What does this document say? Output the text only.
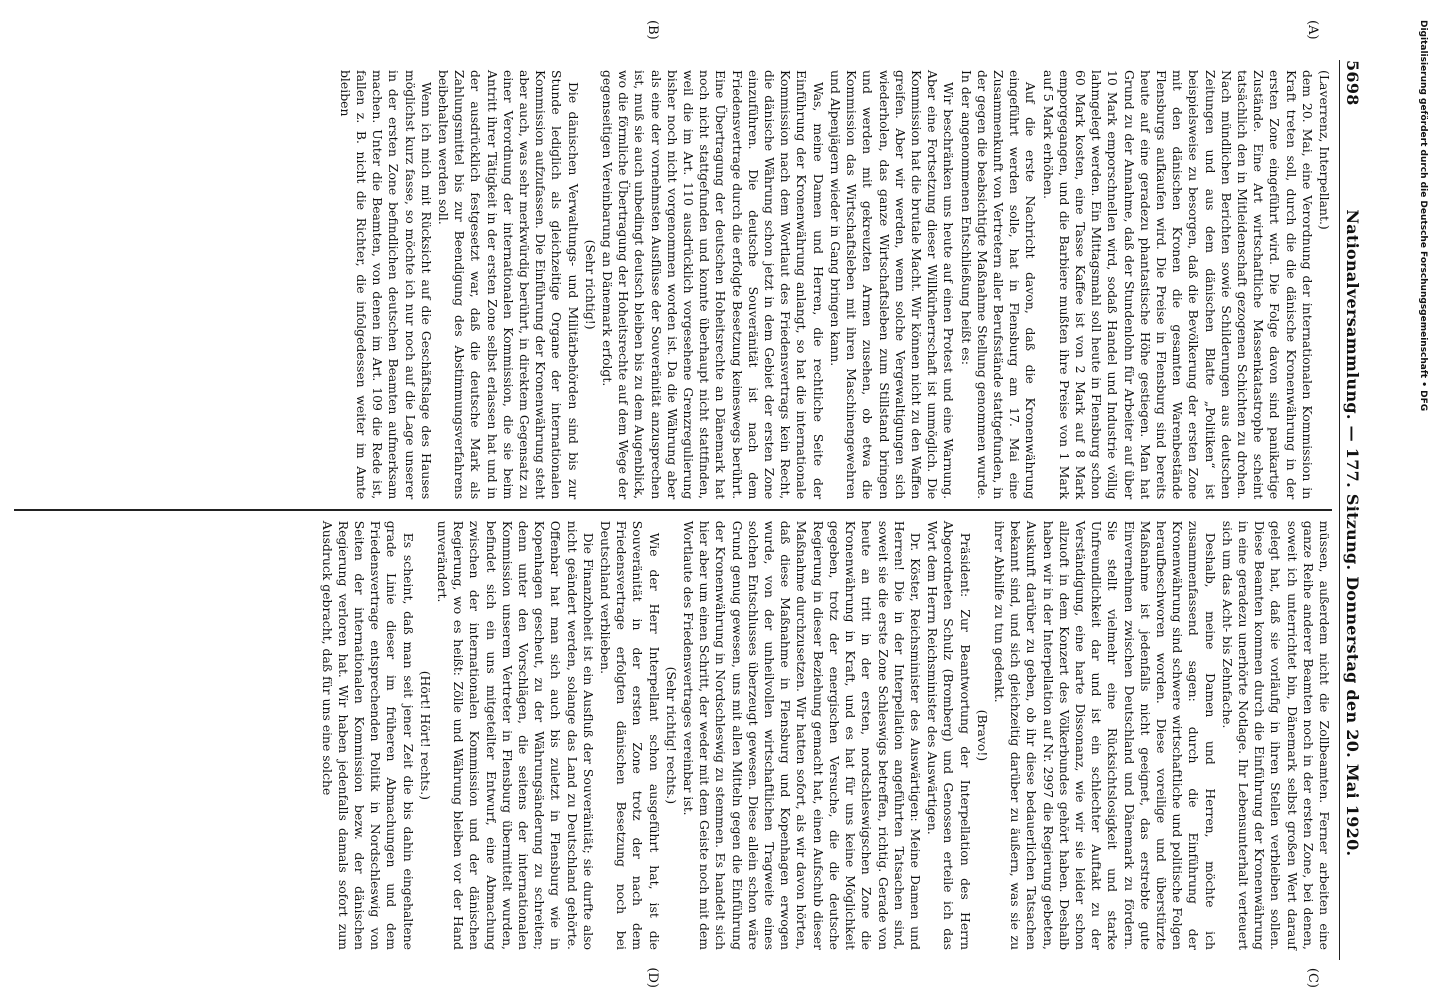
5698
Nationalversammlung. — 177. Sitzung. Donnerstag den 20. Mai 1920.
(A)
(B)
(C)
(D)

(Laverrenz, Interpellant.)

dem 20. Mai, eine Verordnung der internationalen Kommission in Kraft treten soll, durch die die dänische Kronenwährung in der ersten Zone eingeführt wird. Die Folge davon sind panikartige Zustände. Eine Art wirtschaftliche Massenkatastrophe scheint tatsächlich den in Mitleidenschaft gezogenen Schichten zu drohen. Nach mündlichen Berichten sowie Schilderungen aus deutschen Zeitungen und aus dem dänischen Blatte „Politiken“ ist beispielsweise zu besorgen, daß die Bevölkerung der ersten Zone mit den dänischen Kronen die gesamten Warenbestände Flensburgs aufkaufen wird. Die Preise in Flensburg sind bereits heute auf eine geradezu phantastische Höhe gestiegen. Man hat Grund zu der Annahme, daß der Stundenlohn für Arbeiter auf über 10 Mark emporschnellen wird, sodaß Handel und Industrie völlig lahmgelegt werden. Ein Mittagsmahl soll heute in Flensburg schon 60 Mark kosten, eine Tasse Kaffee ist von 2 Mark auf 8 Mark emporgegangen, und die Barbiere mußten ihre Preise von 1 Mark auf 5 Mark erhöhen.

Auf die erste Nachricht davon, daß die Kronenwährung eingeführt werden solle, hat in Flensburg am 17. Mai eine Zusammenkunft von Vertretern aller Berufsstände stattgefunden, in der gegen die beabsichtigte Maßnahme Stellung genommen wurde. In der angenommenen Entschließung heißt es:

Wir beschränken uns heute auf einen Protest und eine Warnung. Aber eine Fortsetzung dieser Willkürherrschaft ist unmöglich. Die Kommission hat die brutale Macht. Wir können nicht zu den Waffen greifen. Aber wir werden, wenn solche Vergewaltigungen sich wiederholen, das ganze Wirtschaftsleben zum Stillstand bringen und werden mit gekreuzten Armen zusehen, ob etwa die Kommission das Wirtschaftsleben mit ihren Maschinengewehren und Alpenjägern wieder in Gang bringen kann.

Was, meine Damen und Herren, die rechtliche Seite der Einführung der Kronenwährung anlangt, so hat die internationale Kommission nach dem Wortlaut des Friedensvertrags kein Recht, die dänische Währung schon jetzt in dem Gebiet der ersten Zone einzuführen. Die deutsche Souveränität ist nach dem Friedensvertrage durch die erfolgte Besetzung keineswegs berührt. Eine Übertragung der deutschen Hoheitsrechte an Dänemark hat noch nicht stattgefunden und konnte überhaupt nicht stattfinden, weil die im Art. 110 ausdrücklich vorgesehene Grenzregulierung bisher noch nicht vorgenommen worden ist. Da die Währung aber als eine der vornehmsten Ausflüsse der Souveränität anzusprechen ist, muß sie auch unbedingt deutsch bleiben bis zu dem Augenblick, wo die förmliche Übertragung der Hoheitsrechte auf dem Wege der gegenseitigen Vereinbarung an Dänemark erfolgt.

(Sehr richtig!)

Die dänischen Verwaltungs- und Militärbehörden sind bis zur Stunde lediglich als gleichzeitige Organe der internationalen Kommission aufzufassen. Die Einführung der Kronenwährung steht aber auch, was sehr merkwürdig berührt, in direktem Gegensatz zu einer Verordnung der internationalen Kommission, die sie beim Antritt ihrer Tätigkeit in der ersten Zone selbst erlassen hat und in der ausdrücklich festgesetzt war, daß die deutsche Mark als Zahlungsmittel bis zur Beendigung des Abstimmungsverfahrens beibehalten werden soll.

Wenn ich mich mit Rücksicht auf die Geschäftslage des Hauses möglichst kurz fasse, so möchte ich nur noch auf die Lage unserer in der ersten Zone befindlichen deutschen Beamten aufmerksam machen. Unter die Beamten, von denen im Art. 109 die Rede ist, fallen z. B. nicht die Richter, die infolgedessen weiter im Amte bleiben

müssen, außerdem nicht die Zollbeamten. Ferner arbeiten eine ganze Reihe anderer Beamten noch in der ersten Zone, bei denen, soweit ich unterrichtet bin, Dänemark selbst großen Wert darauf gelegt hat, daß sie vorläufig in ihren Stellen verbleiben sollen. Diese Beamten kommen durch die Einführung der Kronenwährung in eine geradezu unerhörte Notlage. Ihr Lebensunterhalt verteuert sich um das Acht- bis Zehnfache.

Deshalb, meine Damen und Herren, möchte ich zusammenfassend sagen: durch die Einführung der Kronenwährung sind schwere wirtschaftliche und politische Folgen heraufbeschworen worden. Diese voreilige und überstürzte Maßnahme ist jedenfalls nicht geeignet, das erstrebte gute Einvernehmen zwischen Deutschland und Dänemark zu fördern. Sie stellt vielmehr eine Rücksichtslosigkeit und starke Unfreundlichkeit dar und ist ein schlechter Auftakt zu der Verständigung, eine harte Dissonanz, wie wir sie leider schon allzuoft in dem Konzert des Völkerbundes gehört haben. Deshalb haben wir in der Interpellation auf Nr. 2997 die Regierung gebeten, Auskunft darüber zu geben, ob ihr diese bedauerlichen Tatsachen bekannt sind, und sich gleichzeitig darüber zu äußern, was sie zu ihrer Abhilfe zu tun gedenkt.

(Bravo!)

Präsident: Zur Beantwortung der Interpellation des Herrn Abgeordneten Schulz (Bromberg) und Genossen erteile ich das Wort dem Herrn Reichsminister des Auswärtigen.

Dr. Köster, Reichsminister des Auswärtigen: Meine Damen und Herren! Die in der Interpellation angeführten Tatsachen sind, soweit sie die erste Zone Schleswigs betreffen, richtig. Gerade von heute an tritt in der ersten, nordschleswigschen Zone die Kronenwährung in Kraft, und es hat für uns keine Möglichkeit gegeben, trotz der energischen Versuche, die die deutsche Regierung in dieser Beziehung gemacht hat, einen Aufschub dieser Maßnahme durchzusetzen. Wir hatten sofort, als wir davon hörten, daß diese Maßnahme in Flensburg und Kopenhagen erwogen wurde, von der unheilvollen wirtschaftlichen Tragweite eines solchen Entschlusses überzeugt gewesen. Diese allein schon wäre Grund genug gewesen, uns mit allen Mitteln gegen die Einführung der Kronenwährung in Nordschleswig zu stemmen. Es handelt sich hier aber um einen Schritt, der weder mit dem Geiste noch mit dem Wortlaute des Friedensvertrages vereinbar ist.

(Sehr richtig! rechts.)

Wie der Herr Interpellant schon ausgeführt hat, ist die Souveränität in der ersten Zone trotz der nach dem Friedensvertrage erfolgten dänischen Besetzung noch bei Deutschland verblieben.

Die Finanzhoheit ist ein Ausfluß der Souveränität; sie durfte also nicht geändert werden, solange das Land zu Deutschland gehörte. Offenbar hat man sich auch bis zuletzt in Flensburg wie in Kopenhagen gescheut, zu der Währungsänderung zu schreiten; denn unter den Vorschlägen, die seitens der internationalen Kommission unserem Vertreter in Flensburg übermittelt wurden, befindet sich ein uns mitgeteilter Entwurf, eine Abmachung zwischen der internationalen Kommission und der dänischen Regierung, wo es heißt: Zölle und Währung bleiben vor der Hand unverändert.

(Hört! Hört! rechts.)

Es scheint, daß man seit jener Zeit die bis dahin eingehaltene grade Linie dieser im früheren Abmachungen und dem Friedensvertrage entsprechenden Politik in Nordschleswig von Seiten der internationalen Kommission bezw. der dänischen Regierung verloren hat. Wir haben jedenfalls damals sofort zum Ausdruck gebracht, daß für uns eine solche

Digitalisierung gefördert durch die Deutsche Forschungsgemeinschaft • DFG
